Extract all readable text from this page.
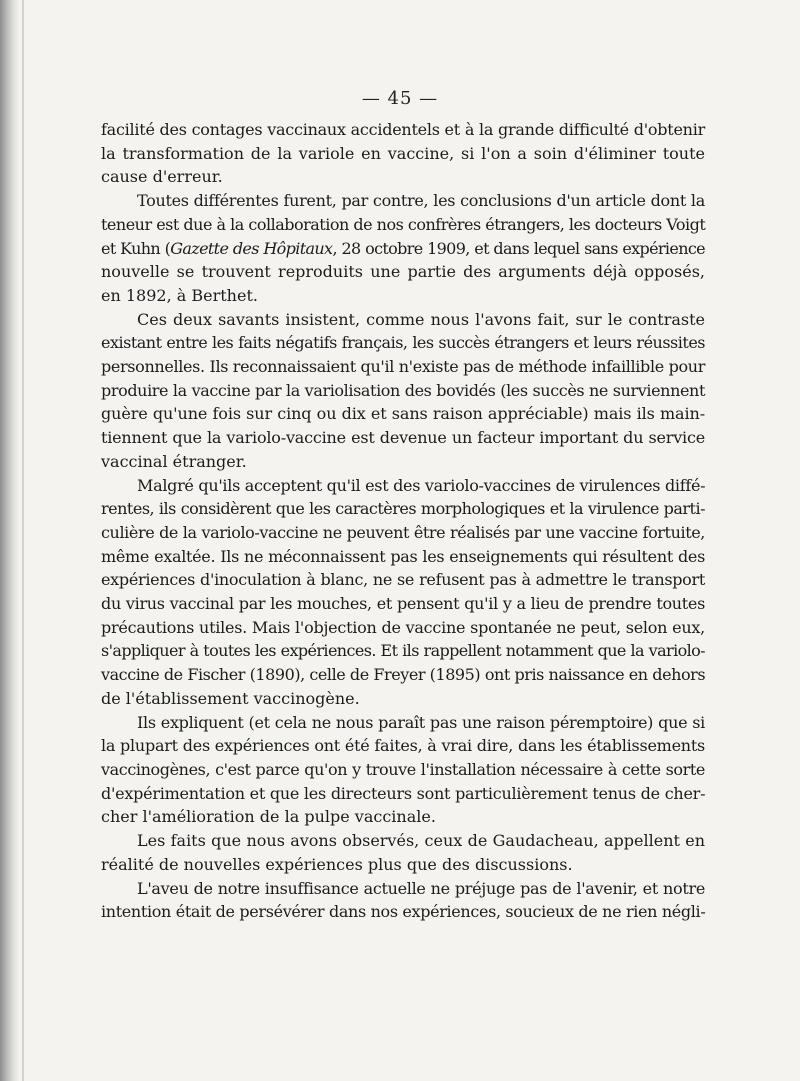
— 45 —

facilité des contages vaccinaux accidentels et à la grande difficulté d'obtenir
la transformation de la variole en vaccine, si l'on a soin d'éliminer toute
cause d'erreur.

Toutes différentes furent, par contre, les conclusions d'un article dont la
teneur est due à la collaboration de nos confrères étrangers, les docteurs Voigt
et Kuhn (Gazette des Hôpitaux, 28 octobre 1909, et dans lequel sans expérience
nouvelle se trouvent reproduits une partie des arguments déjà opposés,
en 1892, à Berthet.

Ces deux savants insistent, comme nous l'avons fait, sur le contraste
existant entre les faits négatifs français, les succès étrangers et leurs réussites
personnelles. Ils reconnaissaient qu'il n'existe pas de méthode infaillible pour
produire la vaccine par la variolisation des bovidés (les succès ne surviennent
guère qu'une fois sur cinq ou dix et sans raison appréciable) mais ils main-
tiennent que la variolo-vaccine est devenue un facteur important du service
vaccinal étranger.

Malgré qu'ils acceptent qu'il est des variolo-vaccines de virulences diffé-
rentes, ils considèrent que les caractères morphologiques et la virulence parti-
culière de la variolo-vaccine ne peuvent être réalisés par une vaccine fortuite,
même exaltée. Ils ne méconnaissent pas les enseignements qui résultent des
expériences d'inoculation à blanc, ne se refusent pas à admettre le transport
du virus vaccinal par les mouches, et pensent qu'il y a lieu de prendre toutes
précautions utiles. Mais l'objection de vaccine spontanée ne peut, selon eux,
s'appliquer à toutes les expériences. Et ils rappellent notamment que la variolo-
vaccine de Fischer (1890), celle de Freyer (1895) ont pris naissance en dehors
de l'établissement vaccinogène.

Ils expliquent (et cela ne nous paraît pas une raison péremptoire) que si
la plupart des expériences ont été faites, à vrai dire, dans les établissements
vaccinogènes, c'est parce qu'on y trouve l'installation nécessaire à cette sorte
d'expérimentation et que les directeurs sont particulièrement tenus de cher-
cher l'amélioration de la pulpe vaccinale.

Les faits que nous avons observés, ceux de Gaudacheau, appellent en
réalité de nouvelles expériences plus que des discussions.

L'aveu de notre insuffisance actuelle ne préjuge pas de l'avenir, et notre
intention était de persévérer dans nos expériences, soucieux de ne rien négli-
